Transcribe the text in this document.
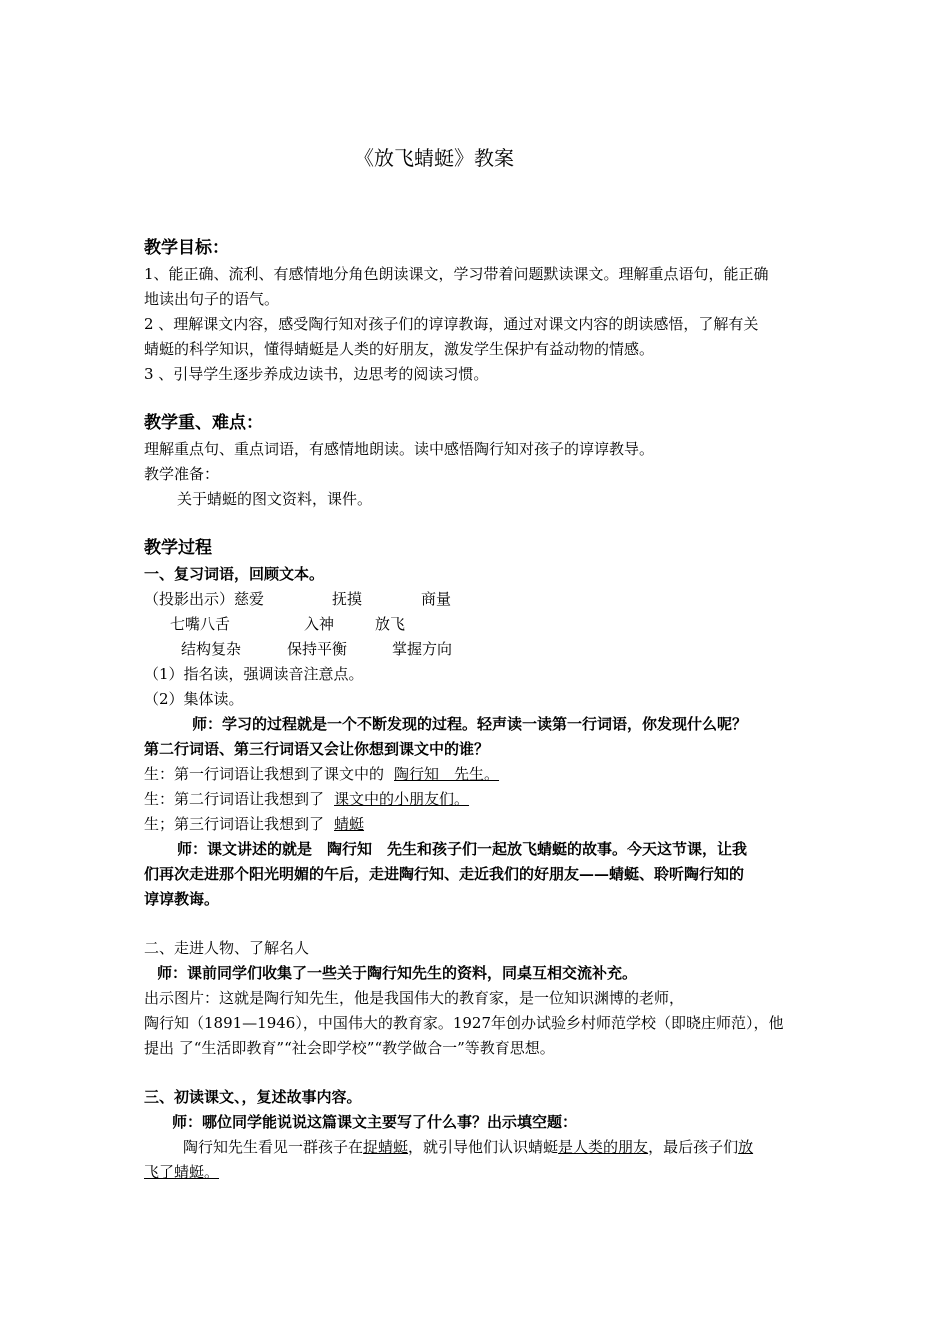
《放飞蜻蜓》教案
教学目标：
1、能正确、流利、有感情地分角色朗读课文，学习带着问题默读课文。理解重点语句，能正确
地读出句子的语气。
2 、理解课文内容，感受陶行知对孩子们的谆谆教诲，通过对课文内容的朗读感悟，了解有关
蜻蜓的科学知识，懂得蜻蜓是人类的好朋友，激发学生保护有益动物的情感。
3 、引导学生逐步养成边读书，边思考的阅读习惯。
教学重、难点：
理解重点句、重点词语，有感情地朗读。读中感悟陶行知对孩子的谆谆教导。
教学准备：
关于蜻蜓的图文资料，课件。
教学过程
一、复习词语，回顾文本。
（投影出示）慈爱	抚摸	商量
七嘴八舌	入神	放飞
结构复杂	保持平衡	掌握方向
（1）指名读，强调读音注意点。
（2）集体读。
师：学习的过程就是一个不断发现的过程。轻声读一读第一行词语，你发现什么呢？
第二行词语、第三行词语又会让你想到课文中的谁？
生：第一行词语让我想到了课文中的 陶行知　先生。
生：第二行词语让我想到了 课文中的小朋友们。
生；第三行词语让我想到了 蜻蜓
师：课文讲述的就是　陶行知　先生和孩子们一起放飞蜻蜓的故事。今天这节课，让我
们再次走进那个阳光明媚的午后，走进陶行知、走近我们的好朋友——蜻蜓、聆听陶行知的
谆谆教诲。
二、走进人物、了解名人
师：课前同学们收集了一些关于陶行知先生的资料，同桌互相交流补充。
出示图片：这就是陶行知先生，他是我国伟大的教育家，是一位知识渊博的老师，
陶行知（1891—1946），中国伟大的教育家。1927年创办试验乡村师范学校（即晓庄师范），他
提出 了“生活即教育”“社会即学校”“教学做合一”等教育思想。
三、初读课文、，复述故事内容。
师：哪位同学能说说这篇课文主要写了什么事？出示填空题：
陶行知先生看见一群孩子在捉蜻蜓，就引导他们认识蜻蜓是人类的朋友，最后孩子们放
飞了蜻蜓。
